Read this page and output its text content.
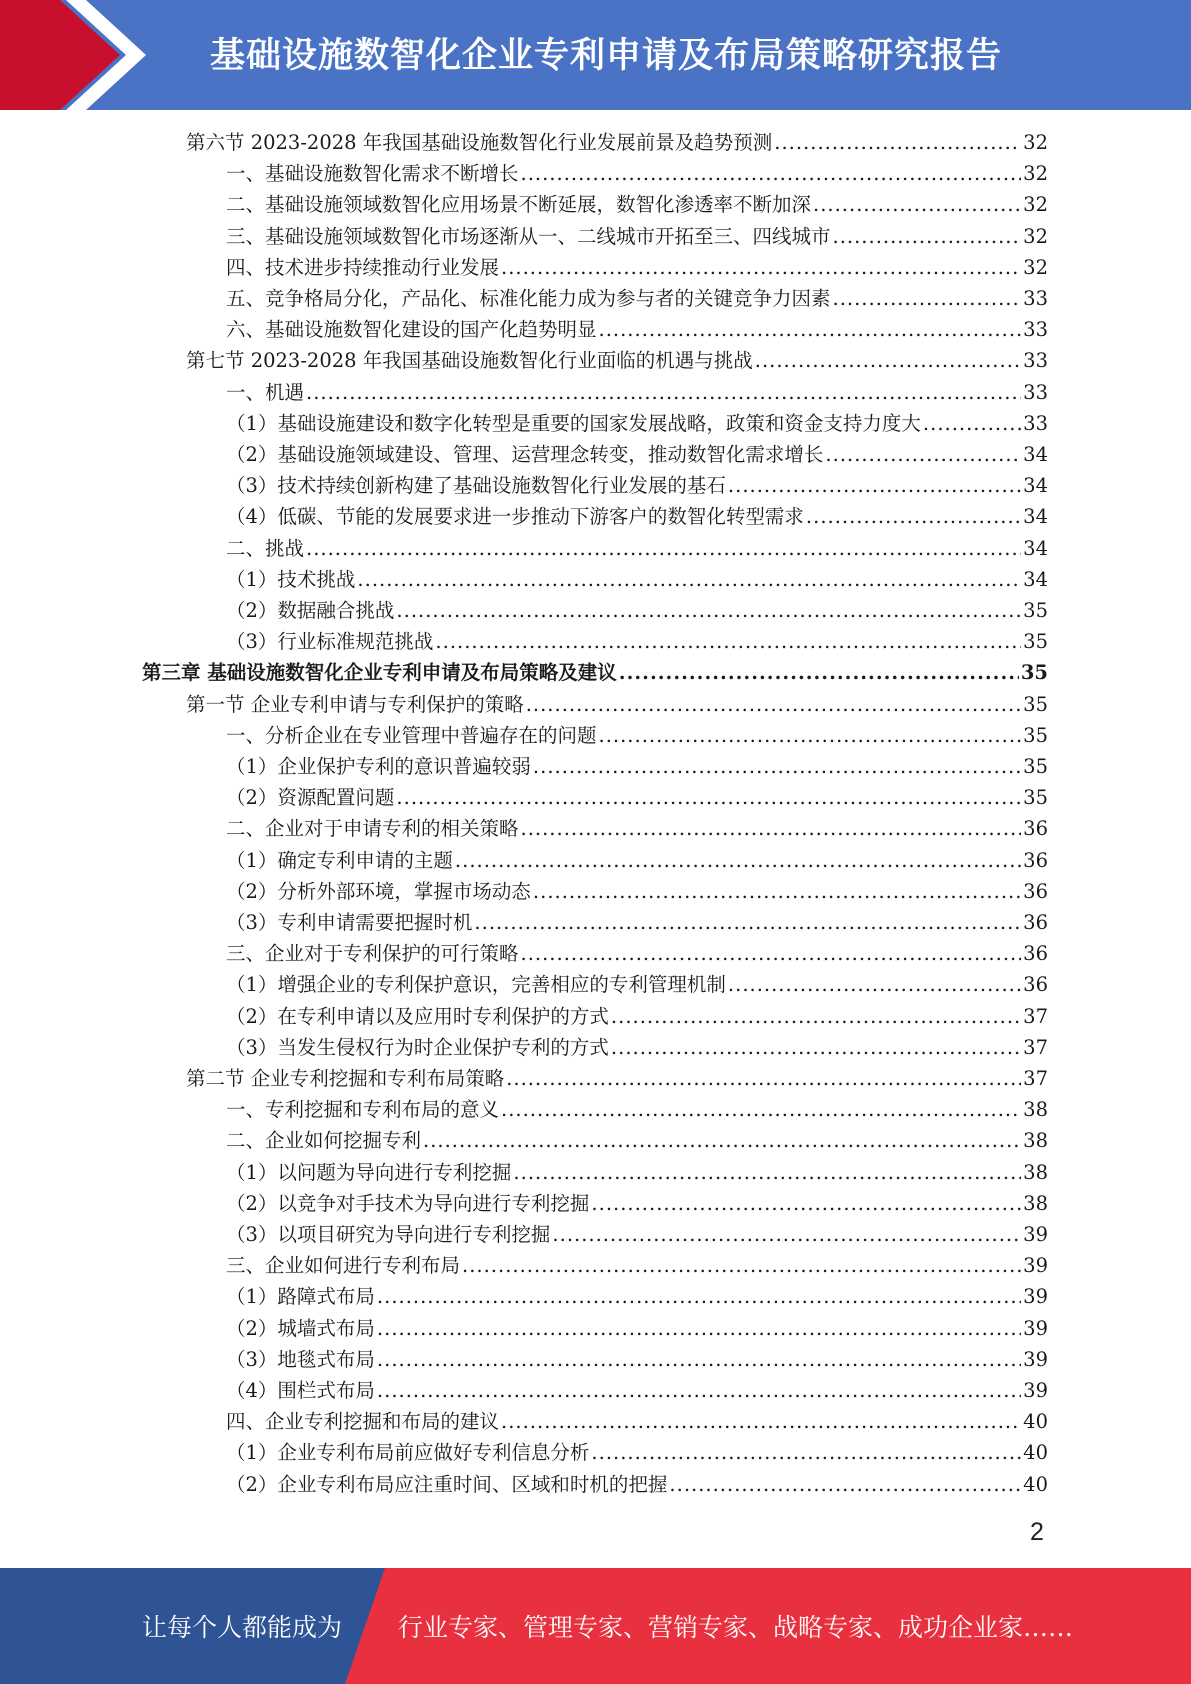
基础设施数智化企业专利申请及布局策略研究报告
第六节 2023-2028 年我国基础设施数智化行业发展前景及趋势预测 .....	32
一、基础设施数智化需求不断增长 .....	32
二、基础设施领域数智化应用场景不断延展，数智化渗透率不断加深 .....	32
三、基础设施领域数智化市场逐渐从一、二线城市开拓至三、四线城市 .....	32
四、技术进步持续推动行业发展 .....	32
五、竞争格局分化，产品化、标准化能力成为参与者的关键竞争力因素 .....	33
六、基础设施数智化建设的国产化趋势明显 .....	33
第七节 2023-2028 年我国基础设施数智化行业面临的机遇与挑战 .....	33
一、机遇 .....	33
（1）基础设施建设和数字化转型是重要的国家发展战略，政策和资金支持力度大 .....	33
（2）基础设施领域建设、管理、运营理念转变，推动数智化需求增长 .....	34
（3）技术持续创新构建了基础设施数智化行业发展的基石 .....	34
（4）低碳、节能的发展要求进一步推动下游客户的数智化转型需求 .....	34
二、挑战 .....	34
（1）技术挑战 .....	34
（2）数据融合挑战 .....	35
（3）行业标准规范挑战 .....	35
第三章 基础设施数智化企业专利申请及布局策略及建议 .....	35
第一节 企业专利申请与专利保护的策略 .....	35
一、分析企业在专业管理中普遍存在的问题 .....	35
（1）企业保护专利的意识普遍较弱 .....	35
（2）资源配置问题 .....	35
二、企业对于申请专利的相关策略 .....	36
（1）确定专利申请的主题 .....	36
（2）分析外部环境，掌握市场动态 .....	36
（3）专利申请需要把握时机 .....	36
三、企业对于专利保护的可行策略 .....	36
（1）增强企业的专利保护意识，完善相应的专利管理机制 .....	36
（2）在专利申请以及应用时专利保护的方式 .....	37
（3）当发生侵权行为时企业保护专利的方式 .....	37
第二节 企业专利挖掘和专利布局策略 .....	37
一、专利挖掘和专利布局的意义 .....	38
二、企业如何挖掘专利 .....	38
（1）以问题为导向进行专利挖掘 .....	38
（2）以竞争对手技术为导向进行专利挖掘 .....	38
（3）以项目研究为导向进行专利挖掘 .....	39
三、企业如何进行专利布局 .....	39
（1）路障式布局 .....	39
（2）城墙式布局 .....	39
（3）地毯式布局 .....	39
（4）围栏式布局 .....	39
四、企业专利挖掘和布局的建议 .....	40
（1）企业专利布局前应做好专利信息分析 .....	40
（2）企业专利布局应注重时间、区域和时机的把握 .....	40
2
让每个人都能成为 行业专家、管理专家、营销专家、战略专家、成功企业家……
